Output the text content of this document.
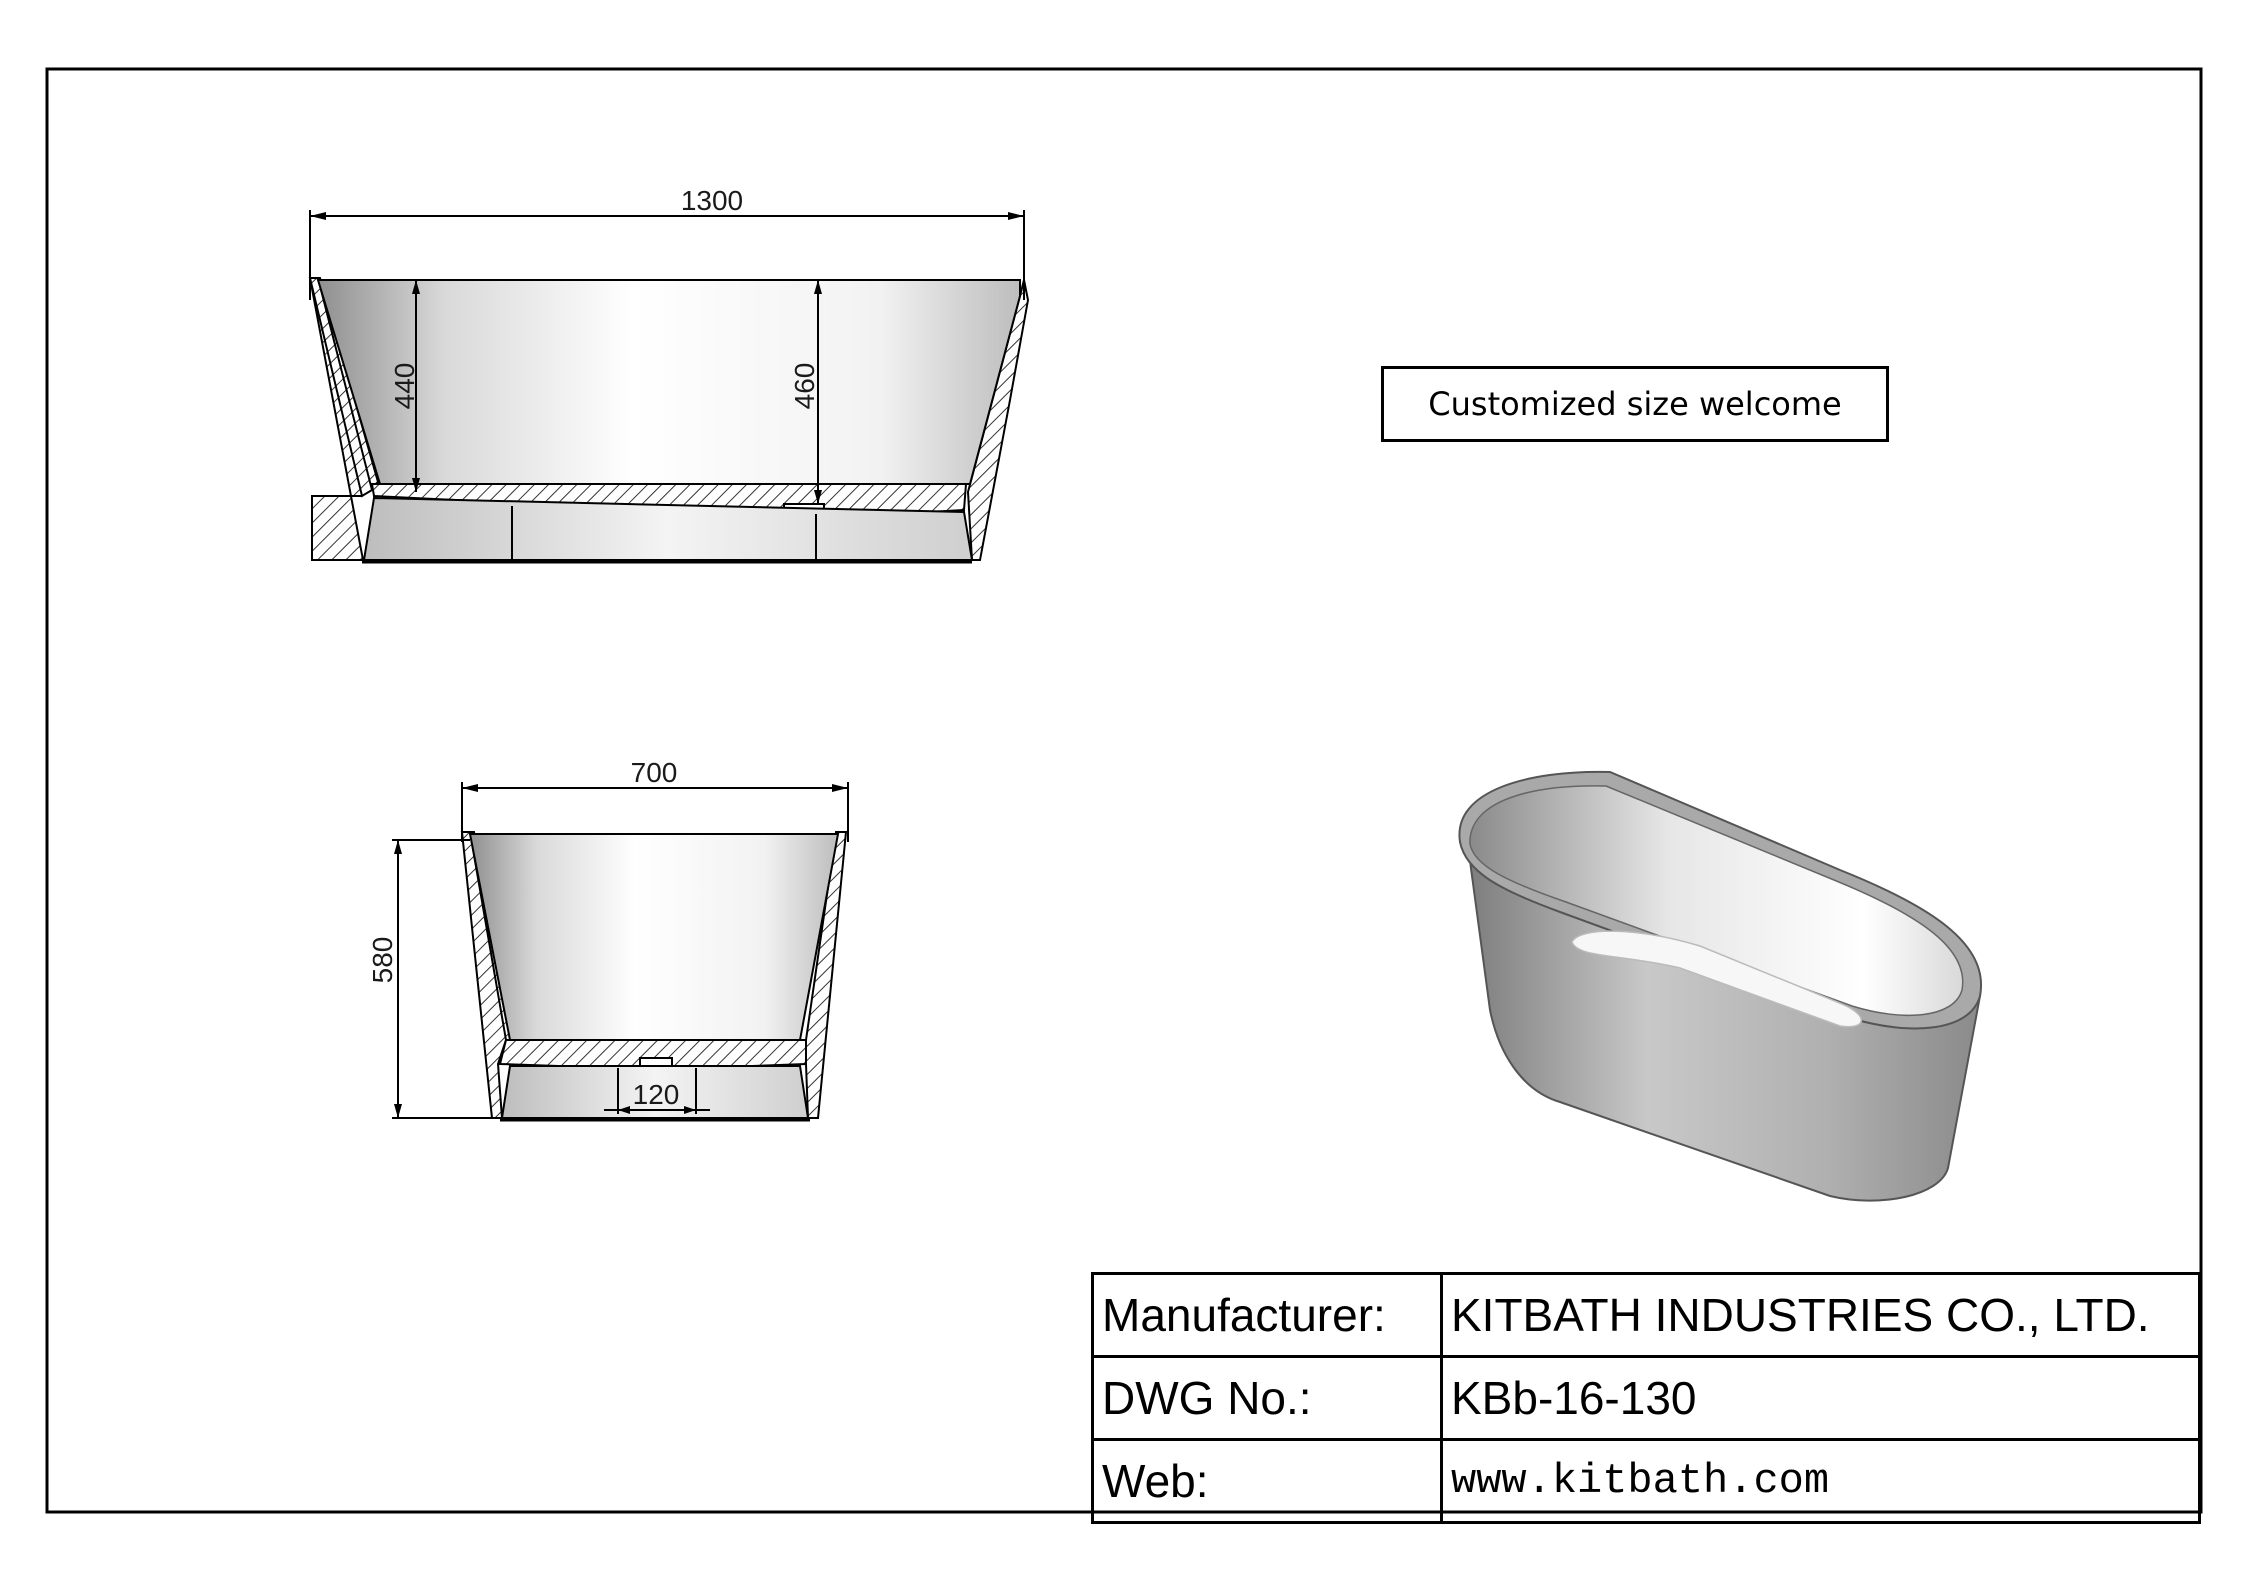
1300
440	460
700
580
120
Customized size welcome
Manufacturer:	KITBATH INDUSTRIES CO., LTD.
DWG No.:	KBb-16-130
Web:	www.kitbath.com
